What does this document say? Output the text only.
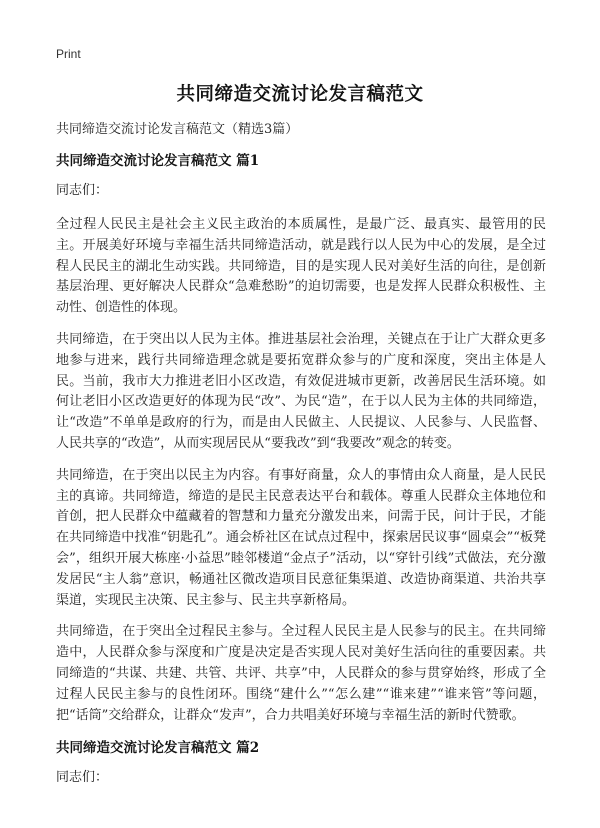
Print
共同缔造交流讨论发言稿范文

共同缔造交流讨论发言稿范文（精选3篇）

共同缔造交流讨论发言稿范文 篇1

同志们：

全过程人民民主是社会主义民主政治的本质属性，是最广泛、最真实、最管用的民主。开展美好环境与幸福生活共同缔造活动，就是践行以人民为中心的发展，是全过程人民民主的湖北生动实践。共同缔造，目的是实现人民对美好生活的向往，是创新基层治理、更好解决人民群众“急难愁盼”的迫切需要，也是发挥人民群众积极性、主动性、创造性的体现。

共同缔造，在于突出以人民为主体。推进基层社会治理，关键点在于让广大群众更多地参与进来，践行共同缔造理念就是要拓宽群众参与的广度和深度，突出主体是人民。当前，我市大力推进老旧小区改造，有效促进城市更新，改善居民生活环境。如何让老旧小区改造更好的体现为民“改”、为民“造”，在于以人民为主体的共同缔造，让“改造”不单单是政府的行为，而是由人民做主、人民提议、人民参与、人民监督、人民共享的“改造”，从而实现居民从“要我改”到“我要改”观念的转变。

共同缔造，在于突出以民主为内容。有事好商量，众人的事情由众人商量，是人民民主的真谛。共同缔造，缔造的是民主民意表达平台和载体。尊重人民群众主体地位和首创，把人民群众中蕴藏着的智慧和力量充分激发出来，问需于民，问计于民，才能在共同缔造中找准“钥匙孔”。通会桥社区在试点过程中，探索居民议事“圆桌会”“板凳会”，组织开展大栋座·小益思”睦邻楼道“金点子”活动，以“穿针引线”式做法，充分激发居民“主人翁”意识，畅通社区微改造项目民意征集渠道、改造协商渠道、共治共享渠道，实现民主决策、民主参与、民主共享新格局。

共同缔造，在于突出全过程民主参与。全过程人民民主是人民参与的民主。在共同缔造中，人民群众参与深度和广度是决定是否实现人民对美好生活向往的重要因素。共同缔造的“共谋、共建、共管、共评、共享”中，人民群众的参与贯穿始终，形成了全过程人民民主参与的良性闭环。围绕“建什么”“怎么建”“谁来建”“谁来管”等问题，把“话筒”交给群众，让群众“发声”，合力共唱美好环境与幸福生活的新时代赞歌。

共同缔造交流讨论发言稿范文 篇2

同志们：
